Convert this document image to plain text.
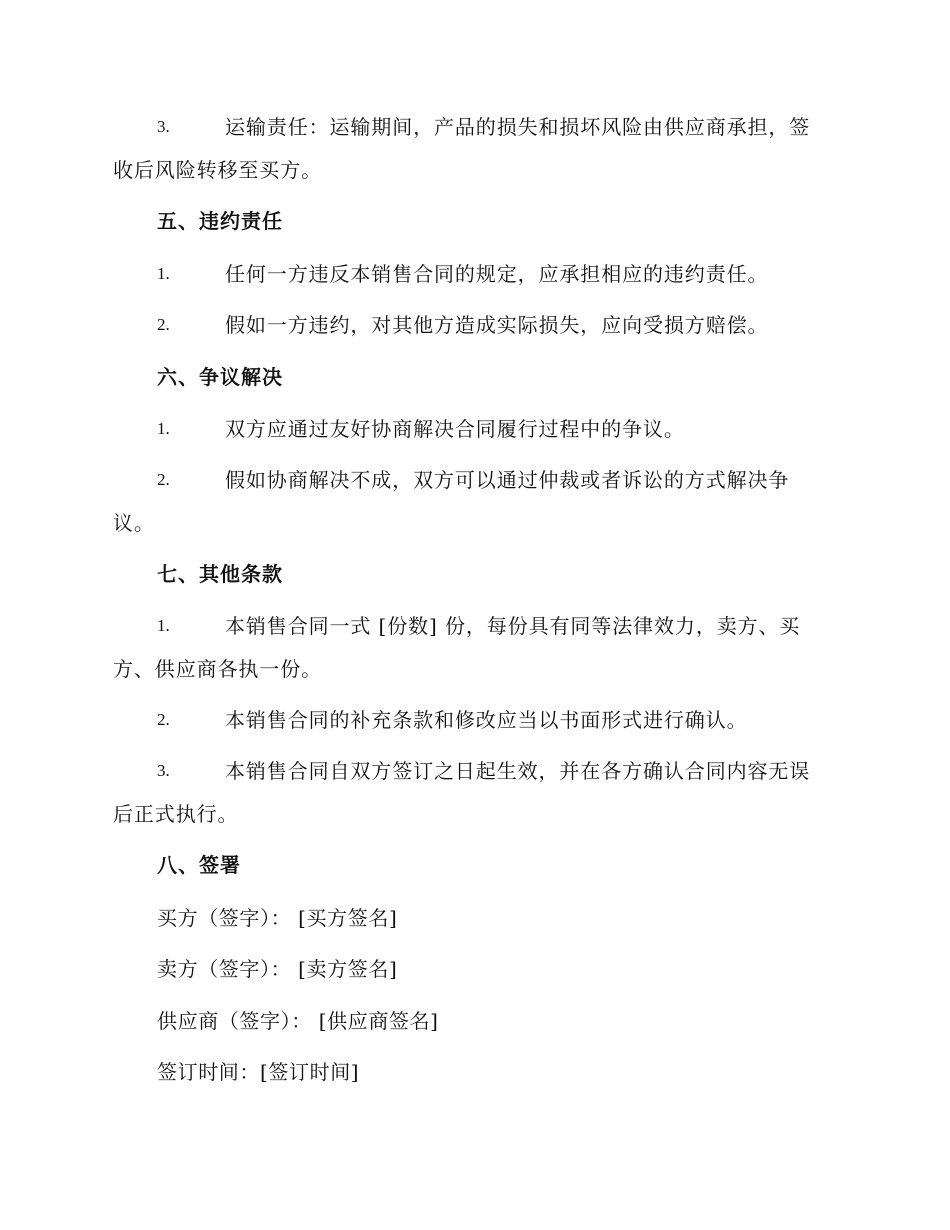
3.	运输责任：运输期间，产品的损失和损坏风险由供应商承担，签
收后风险转移至买方。
五、违约责任
1.	任何一方违反本销售合同的规定，应承担相应的违约责任。
2.	假如一方违约，对其他方造成实际损失，应向受损方赔偿。
六、争议解决
1.	双方应通过友好协商解决合同履行过程中的争议。
2.	假如协商解决不成，双方可以通过仲裁或者诉讼的方式解决争
议。
七、其他条款
1.	本销售合同一式 [份数] 份，每份具有同等法律效力，卖方、买
方、供应商各执一份。
2.	本销售合同的补充条款和修改应当以书面形式进行确认。
3.	本销售合同自双方签订之日起生效，并在各方确认合同内容无误
后正式执行。
八、签署
买方（签字）： [买方签名]
卖方（签字）： [卖方签名]
供应商（签字）： [供应商签名]
签订时间：[签订时间]
